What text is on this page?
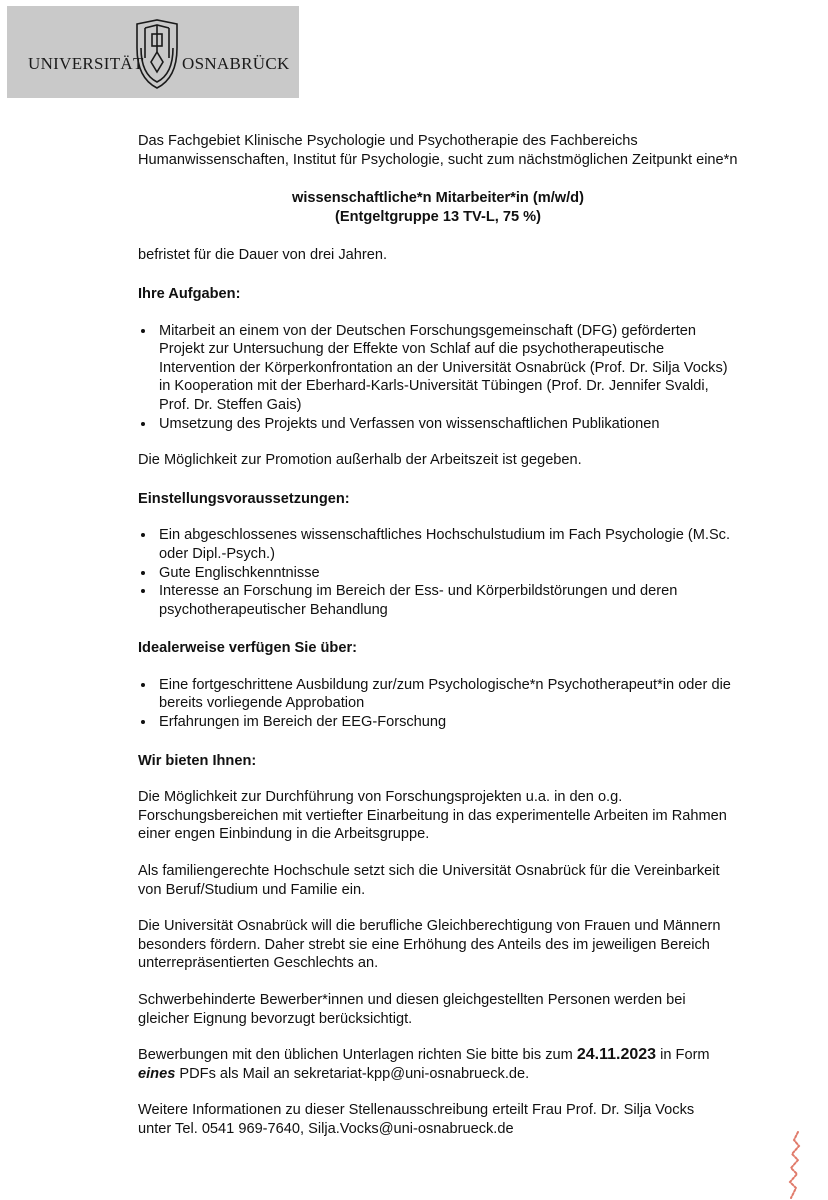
UNIVERSITÄT OSNABRÜCK

Das Fachgebiet Klinische Psychologie und Psychotherapie des Fachbereichs Humanwissenschaften, Institut für Psychologie, sucht zum nächstmöglichen Zeitpunkt eine*n

wissenschaftliche*n Mitarbeiter*in (m/w/d)
(Entgeltgruppe 13 TV-L, 75 %)

befristet für die Dauer von drei Jahren.

Ihre Aufgaben:
Mitarbeit an einem von der Deutschen Forschungsgemeinschaft (DFG) geförderten Projekt zur Untersuchung der Effekte von Schlaf auf die psychotherapeutische Intervention der Körperkonfrontation an der Universität Osnabrück (Prof. Dr. Silja Vocks) in Kooperation mit der Eberhard-Karls-Universität Tübingen (Prof. Dr. Jennifer Svaldi, Prof. Dr. Steffen Gais)
Umsetzung des Projekts und Verfassen von wissenschaftlichen Publikationen

Die Möglichkeit zur Promotion außerhalb der Arbeitszeit ist gegeben.

Einstellungsvoraussetzungen:
Ein abgeschlossenes wissenschaftliches Hochschulstudium im Fach Psychologie (M.Sc. oder Dipl.-Psych.)
Gute Englischkenntnisse
Interesse an Forschung im Bereich der Ess- und Körperbildstörungen und deren psychotherapeutischer Behandlung
Idealerweise verfügen Sie über:
Eine fortgeschrittene Ausbildung zur/zum Psychologische*n Psychotherapeut*in oder die bereits vorliegende Approbation
Erfahrungen im Bereich der EEG-Forschung
Wir bieten Ihnen:

Die Möglichkeit zur Durchführung von Forschungsprojekten u.a. in den o.g. Forschungsbereichen mit vertiefter Einarbeitung in das experimentelle Arbeiten im Rahmen einer engen Einbindung in die Arbeitsgruppe.

Als familiengerechte Hochschule setzt sich die Universität Osnabrück für die Vereinbarkeit von Beruf/Studium und Familie ein.

Die Universität Osnabrück will die berufliche Gleichberechtigung von Frauen und Männern besonders fördern. Daher strebt sie eine Erhöhung des Anteils des im jeweiligen Bereich unterrepräsentierten Geschlechts an.

Schwerbehinderte Bewerber*innen und diesen gleichgestellten Personen werden bei gleicher Eignung bevorzugt berücksichtigt.

Bewerbungen mit den üblichen Unterlagen richten Sie bitte bis zum 24.11.2023 in Form eines PDFs als Mail an sekretariat-kpp@uni-osnabrueck.de.

Weitere Informationen zu dieser Stellenausschreibung erteilt Frau Prof. Dr. Silja Vocks
unter Tel. 0541 969-7640, Silja.Vocks@uni-osnabrueck.de
